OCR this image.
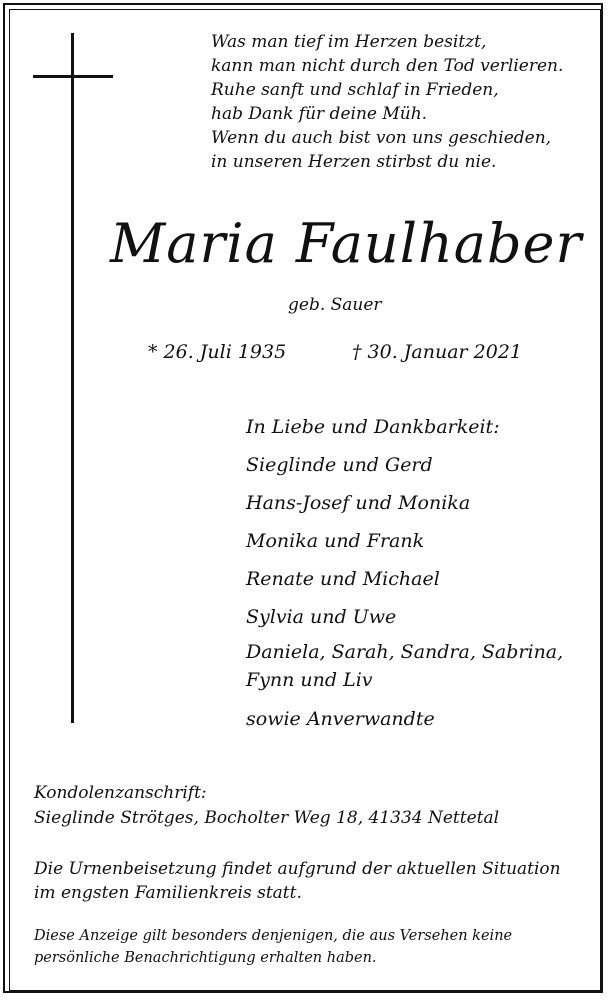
Was man tief im Herzen besitzt,
kann man nicht durch den Tod verlieren.
Ruhe sanft und schlaf in Frieden,
hab Dank für deine Müh.
Wenn du auch bist von uns geschieden,
in unseren Herzen stirbst du nie.
Maria Faulhaber
geb. Sauer
* 26. Juli 1935	† 30. Januar 2021
In Liebe und Dankbarkeit:
Sieglinde und Gerd
Hans-Josef und Monika
Monika und Frank
Renate und Michael
Sylvia und Uwe
Daniela, Sarah, Sandra, Sabrina,
Fynn und Liv
sowie Anverwandte
Kondolenzanschrift:
Sieglinde Strötges, Bocholter Weg 18, 41334 Nettetal
Die Urnenbeisetzung findet aufgrund der aktuellen Situation
im engsten Familienkreis statt.
Diese Anzeige gilt besonders denjenigen, die aus Versehen keine
persönliche Benachrichtigung erhalten haben.
